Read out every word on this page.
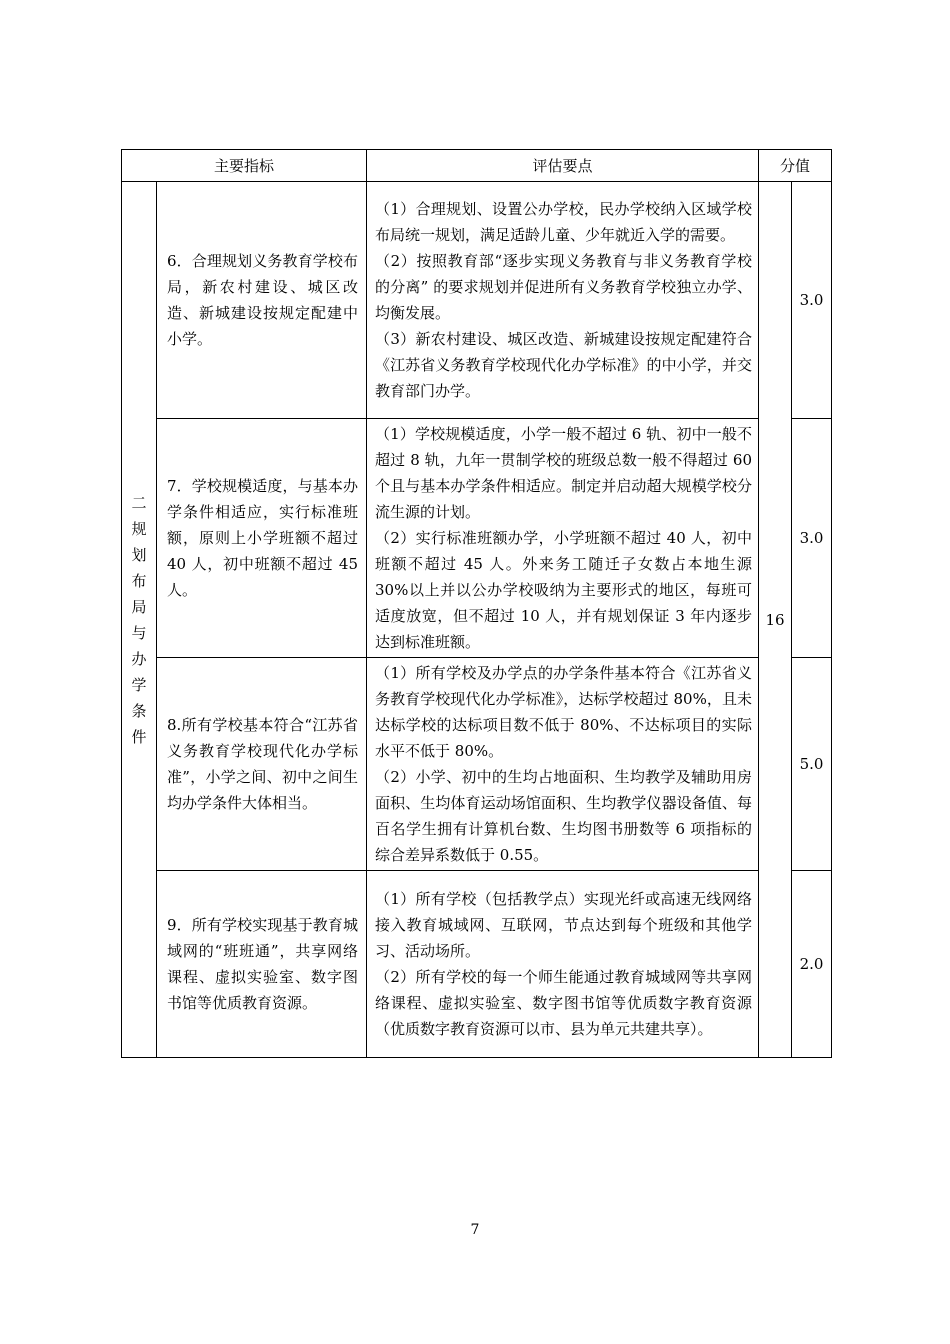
主要指标		评估要点	分值	

二规划布局与办学条件	6．合理规划义务教育学校布局，新农村建设、城区改造、新城建设按规定配建中小学。	（1）合理规划、设置公办学校，民办学校纳入区域学校布局统一规划，满足适龄儿童、少年就近入学的需要。

（2）按照教育部“逐步实现义务教育与非义务教育学校的分离” 的要求规划并促进所有义务教育学校独立办学、均衡发展。

（3）新农村建设、城区改造、新城建设按规定配建符合《江苏省义务教育学校现代化办学标准》的中小学，并交教育部门办学。	16	3.0
	7．学校规模适度，与基本办学条件相适应，实行标准班额，原则上小学班额不超过 40 人，初中班额不超过 45 人。	（1）学校规模适度，小学一般不超过 6 轨、初中一般不超过 8 轨，九年一贯制学校的班级总数一般不得超过 60 个且与基本办学条件相适应。制定并启动超大规模学校分流生源的计划。

（2）实行标准班额办学，小学班额不超过 40 人，初中班额不超过 45 人。外来务工随迁子女数占本地生源 30%以上并以公办学校吸纳为主要形式的地区，每班可适度放宽，但不超过 10 人，并有规划保证 3 年内逐步达到标准班额。		3.0
	8.所有学校基本符合“江苏省义务教育学校现代化办学标准”，小学之间、初中之间生均办学条件大体相当。	（1）所有学校及办学点的办学条件基本符合《江苏省义务教育学校现代化办学标准》，达标学校超过 80%，且未达标学校的达标项目数不低于 80%、不达标项目的实际水平不低于 80%。

（2）小学、初中的生均占地面积、生均教学及辅助用房面积、生均体育运动场馆面积、生均教学仪器设备值、每百名学生拥有计算机台数、生均图书册数等 6 项指标的综合差异系数低于 0.55。		5.0
	9．所有学校实现基于教育城域网的“班班通”，共享网络课程、虚拟实验室、数字图书馆等优质教育资源。	（1）所有学校（包括教学点）实现光纤或高速无线网络接入教育城域网、互联网，节点达到每个班级和其他学习、活动场所。

（2）所有学校的每一个师生能通过教育城域网等共享网络课程、虚拟实验室、数字图书馆等优质数字教育资源（优质数字教育资源可以市、县为单元共建共享）。		2.0
7
